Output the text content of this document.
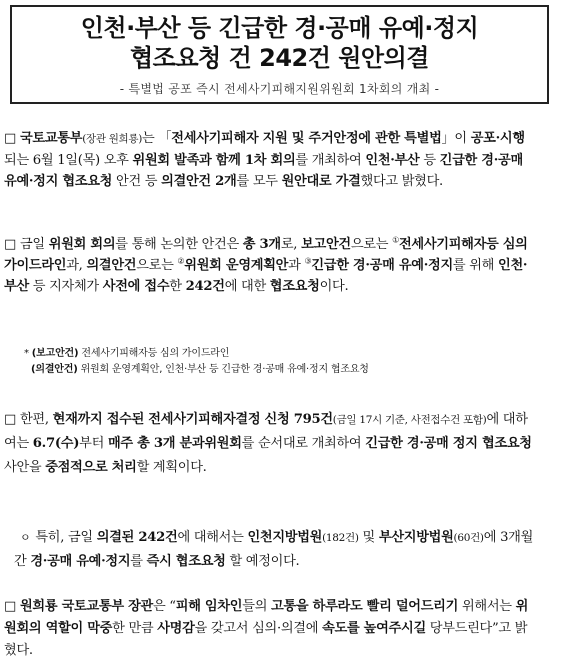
인천·부산 등 긴급한 경·공매 유예·정지
협조요청 건 242건 원안의결
- 특별법 공포 즉시 전세사기피해지원위원회 1차회의 개최 -
□ 국토교통부(장관 원희룡)는 「전세사기피해자 지원 및 주거안정에 관한 특별법」이 공포·시행되는 6월 1일(목) 오후 위원회 발족과 함께 1차 회의를 개최하여 인천·부산 등 긴급한 경·공매 유예·정지 협조요청 안건 등 의결안건 2개를 모두 원안대로 가결했다고 밝혔다.
□ 금일 위원회 회의를 통해 논의한 안건은 총 3개로, 보고안건으로는 ①전세사기피해자등 심의 가이드라인과, 의결안건으로는 ②위원회 운영계획안과 ③긴급한 경·공매 유예·정지를 위해 인천·부산 등 지자체가 사전에 접수한 242건에 대한 협조요청이다.
* (보고안건) 전세사기피해자등 심의 가이드라인
(의결안건) 위원회 운영계획안, 인천·부산 등 긴급한 경·공매 유예·정지 협조요청
□ 한편, 현재까지 접수된 전세사기피해자결정 신청 795건(금일 17시 기준, 사전접수건 포함)에 대하여는 6.7(수)부터 매주 총 3개 분과위원회를 순서대로 개최하여 긴급한 경·공매 정지 협조요청 사안을 중점적으로 처리할 계획이다.
ㅇ 특히, 금일 의결된 242건에 대해서는 인천지방법원(182건) 및 부산지방법원(60건)에 3개월간 경·공매 유예·정지를 즉시 협조요청 할 예정이다.
□ 원희룡 국토교통부 장관은 “피해 임차인들의 고통을 하루라도 빨리 덜어드리기 위해서는 위원회의 역할이 막중한 만큼 사명감을 갖고서 심의·의결에 속도를 높여주시길 당부드린다”고 밝혔다.
